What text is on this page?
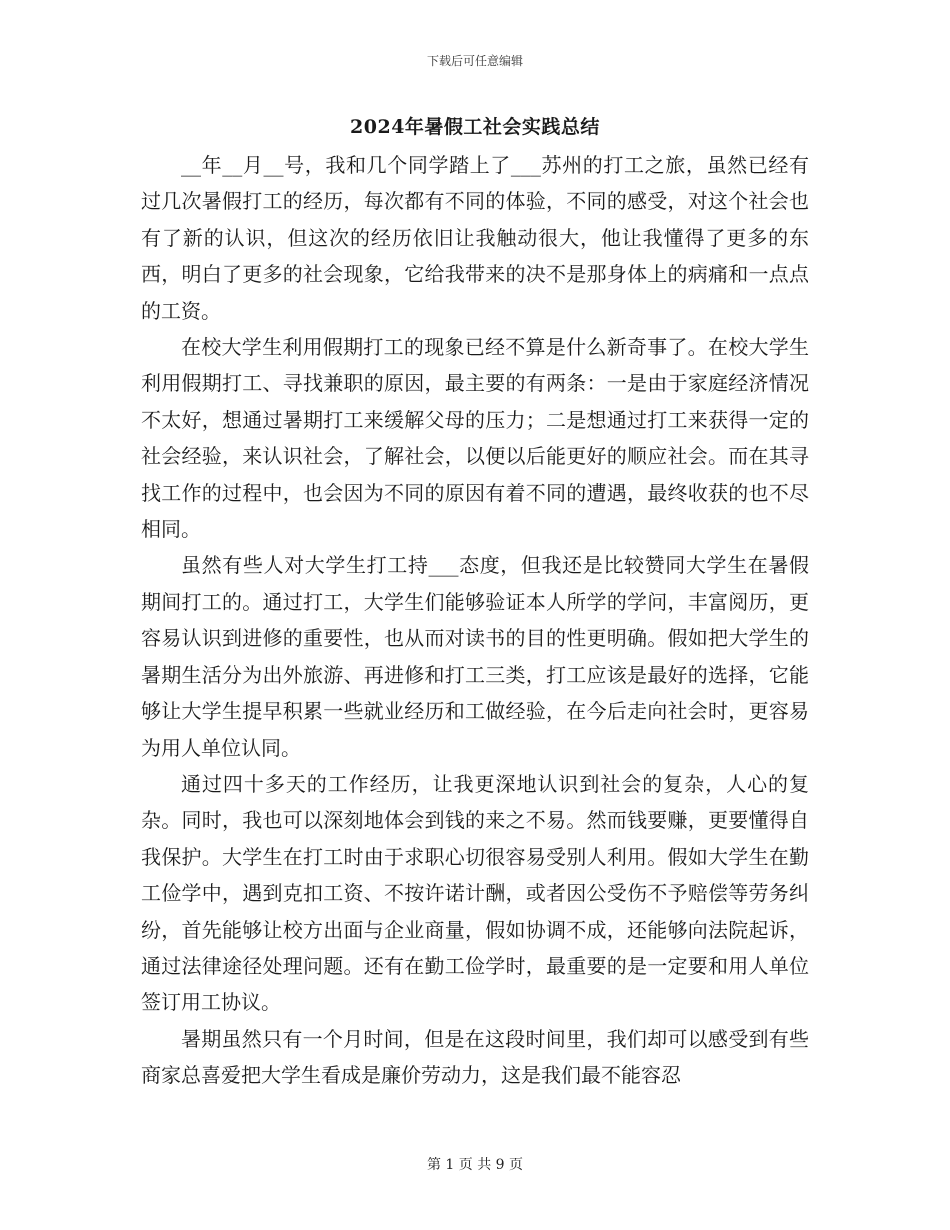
下载后可任意编辑
2024年暑假工社会实践总结

__年__月__号，我和几个同学踏上了___苏州的打工之旅，虽然已经有过几次暑假打工的经历，每次都有不同的体验，不同的感受，对这个社会也有了新的认识，但这次的经历依旧让我触动很大，他让我懂得了更多的东西，明白了更多的社会现象，它给我带来的决不是那身体上的病痛和一点点的工资。

在校大学生利用假期打工的现象已经不算是什么新奇事了。在校大学生利用假期打工、寻找兼职的原因，最主要的有两条：一是由于家庭经济情况不太好，想通过暑期打工来缓解父母的压力；二是想通过打工来获得一定的社会经验，来认识社会，了解社会，以便以后能更好的顺应社会。而在其寻找工作的过程中，也会因为不同的原因有着不同的遭遇，最终收获的也不尽相同。

虽然有些人对大学生打工持___态度，但我还是比较赞同大学生在暑假期间打工的。通过打工，大学生们能够验证本人所学的学问，丰富阅历，更容易认识到进修的重要性，也从而对读书的目的性更明确。假如把大学生的暑期生活分为出外旅游、再进修和打工三类，打工应该是最好的选择，它能够让大学生提早积累一些就业经历和工做经验，在今后走向社会时，更容易为用人单位认同。

通过四十多天的工作经历，让我更深地认识到社会的复杂，人心的复杂。同时，我也可以深刻地体会到钱的来之不易。然而钱要赚，更要懂得自我保护。大学生在打工时由于求职心切很容易受别人利用。假如大学生在勤工俭学中，遇到克扣工资、不按许诺计酬，或者因公受伤不予赔偿等劳务纠纷，首先能够让校方出面与企业商量，假如协调不成，还能够向法院起诉，通过法律途径处理问题。还有在勤工俭学时，最重要的是一定要和用人单位签订用工协议。

暑期虽然只有一个月时间，但是在这段时间里，我们却可以感受到有些商家总喜爱把大学生看成是廉价劳动力，这是我们最不能容忍

第 1 页 共 9 页
